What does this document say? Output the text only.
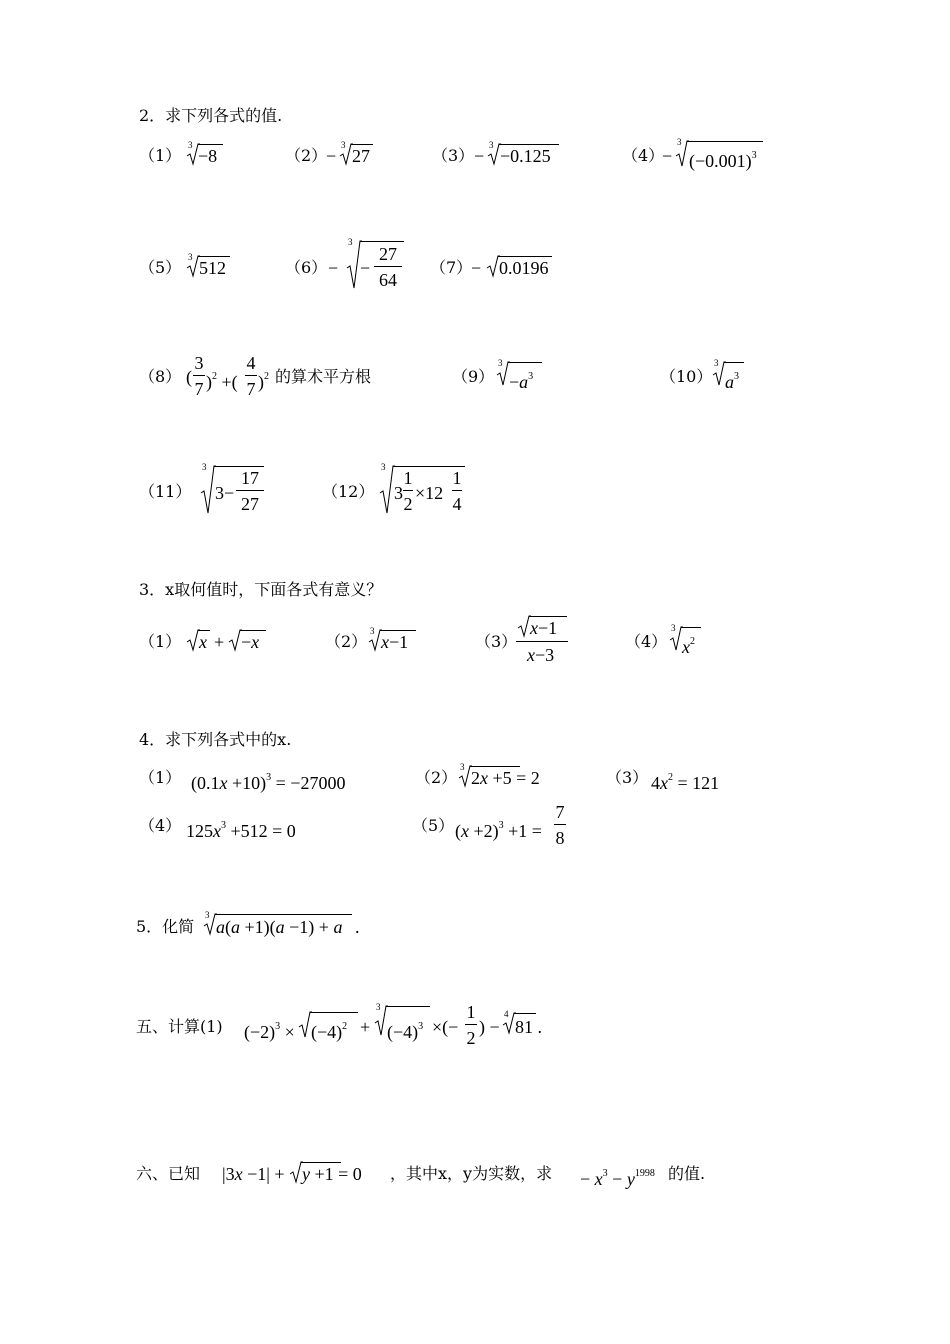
2．求下列各式的值.
（1）
3
−8	（2）
−
3
27	（3） −
3
−0.125	（4）
−
3
$(-0.001)^3$
（5）
3
512	（6） −
3
−
27
64
（7）
− 0.0196
（8） (
3
7 )$^2$ +(
4
7 )$^2$ 的算术平方根	（9）
3
$-a^3$	（10）
3
$a^3$
（11）
3
3−
17
27
（12）
3
3
1
2
×12
1
4
3．x取何值时，下面各式有意义？
（1） x + −x	（2）
3
x−1	（3）
x−1
x−3
（4）
3
$x^2$
4．求下列各式中的x.
（1） $(0.1x +10)^3 = -27000$	（2）
3
2x +5 = 2	（3） $4x^2 = 121$
（4） $125x^3 +512 = 0$	（5） $(x +2)^3 +1$ =
7
8
5．化简
3
a(a +1)(a −1) + a .
五、计算(1) $(-2)^3 \times (-4)^2$ +
3
$(-4)^3$ ×(−
1
2
) −
4
81 .
六、已知 |3x −1| + y +1 = 0 ，其中x，y为实数，求 − $x^3 - y^{1998}$ 的值.
